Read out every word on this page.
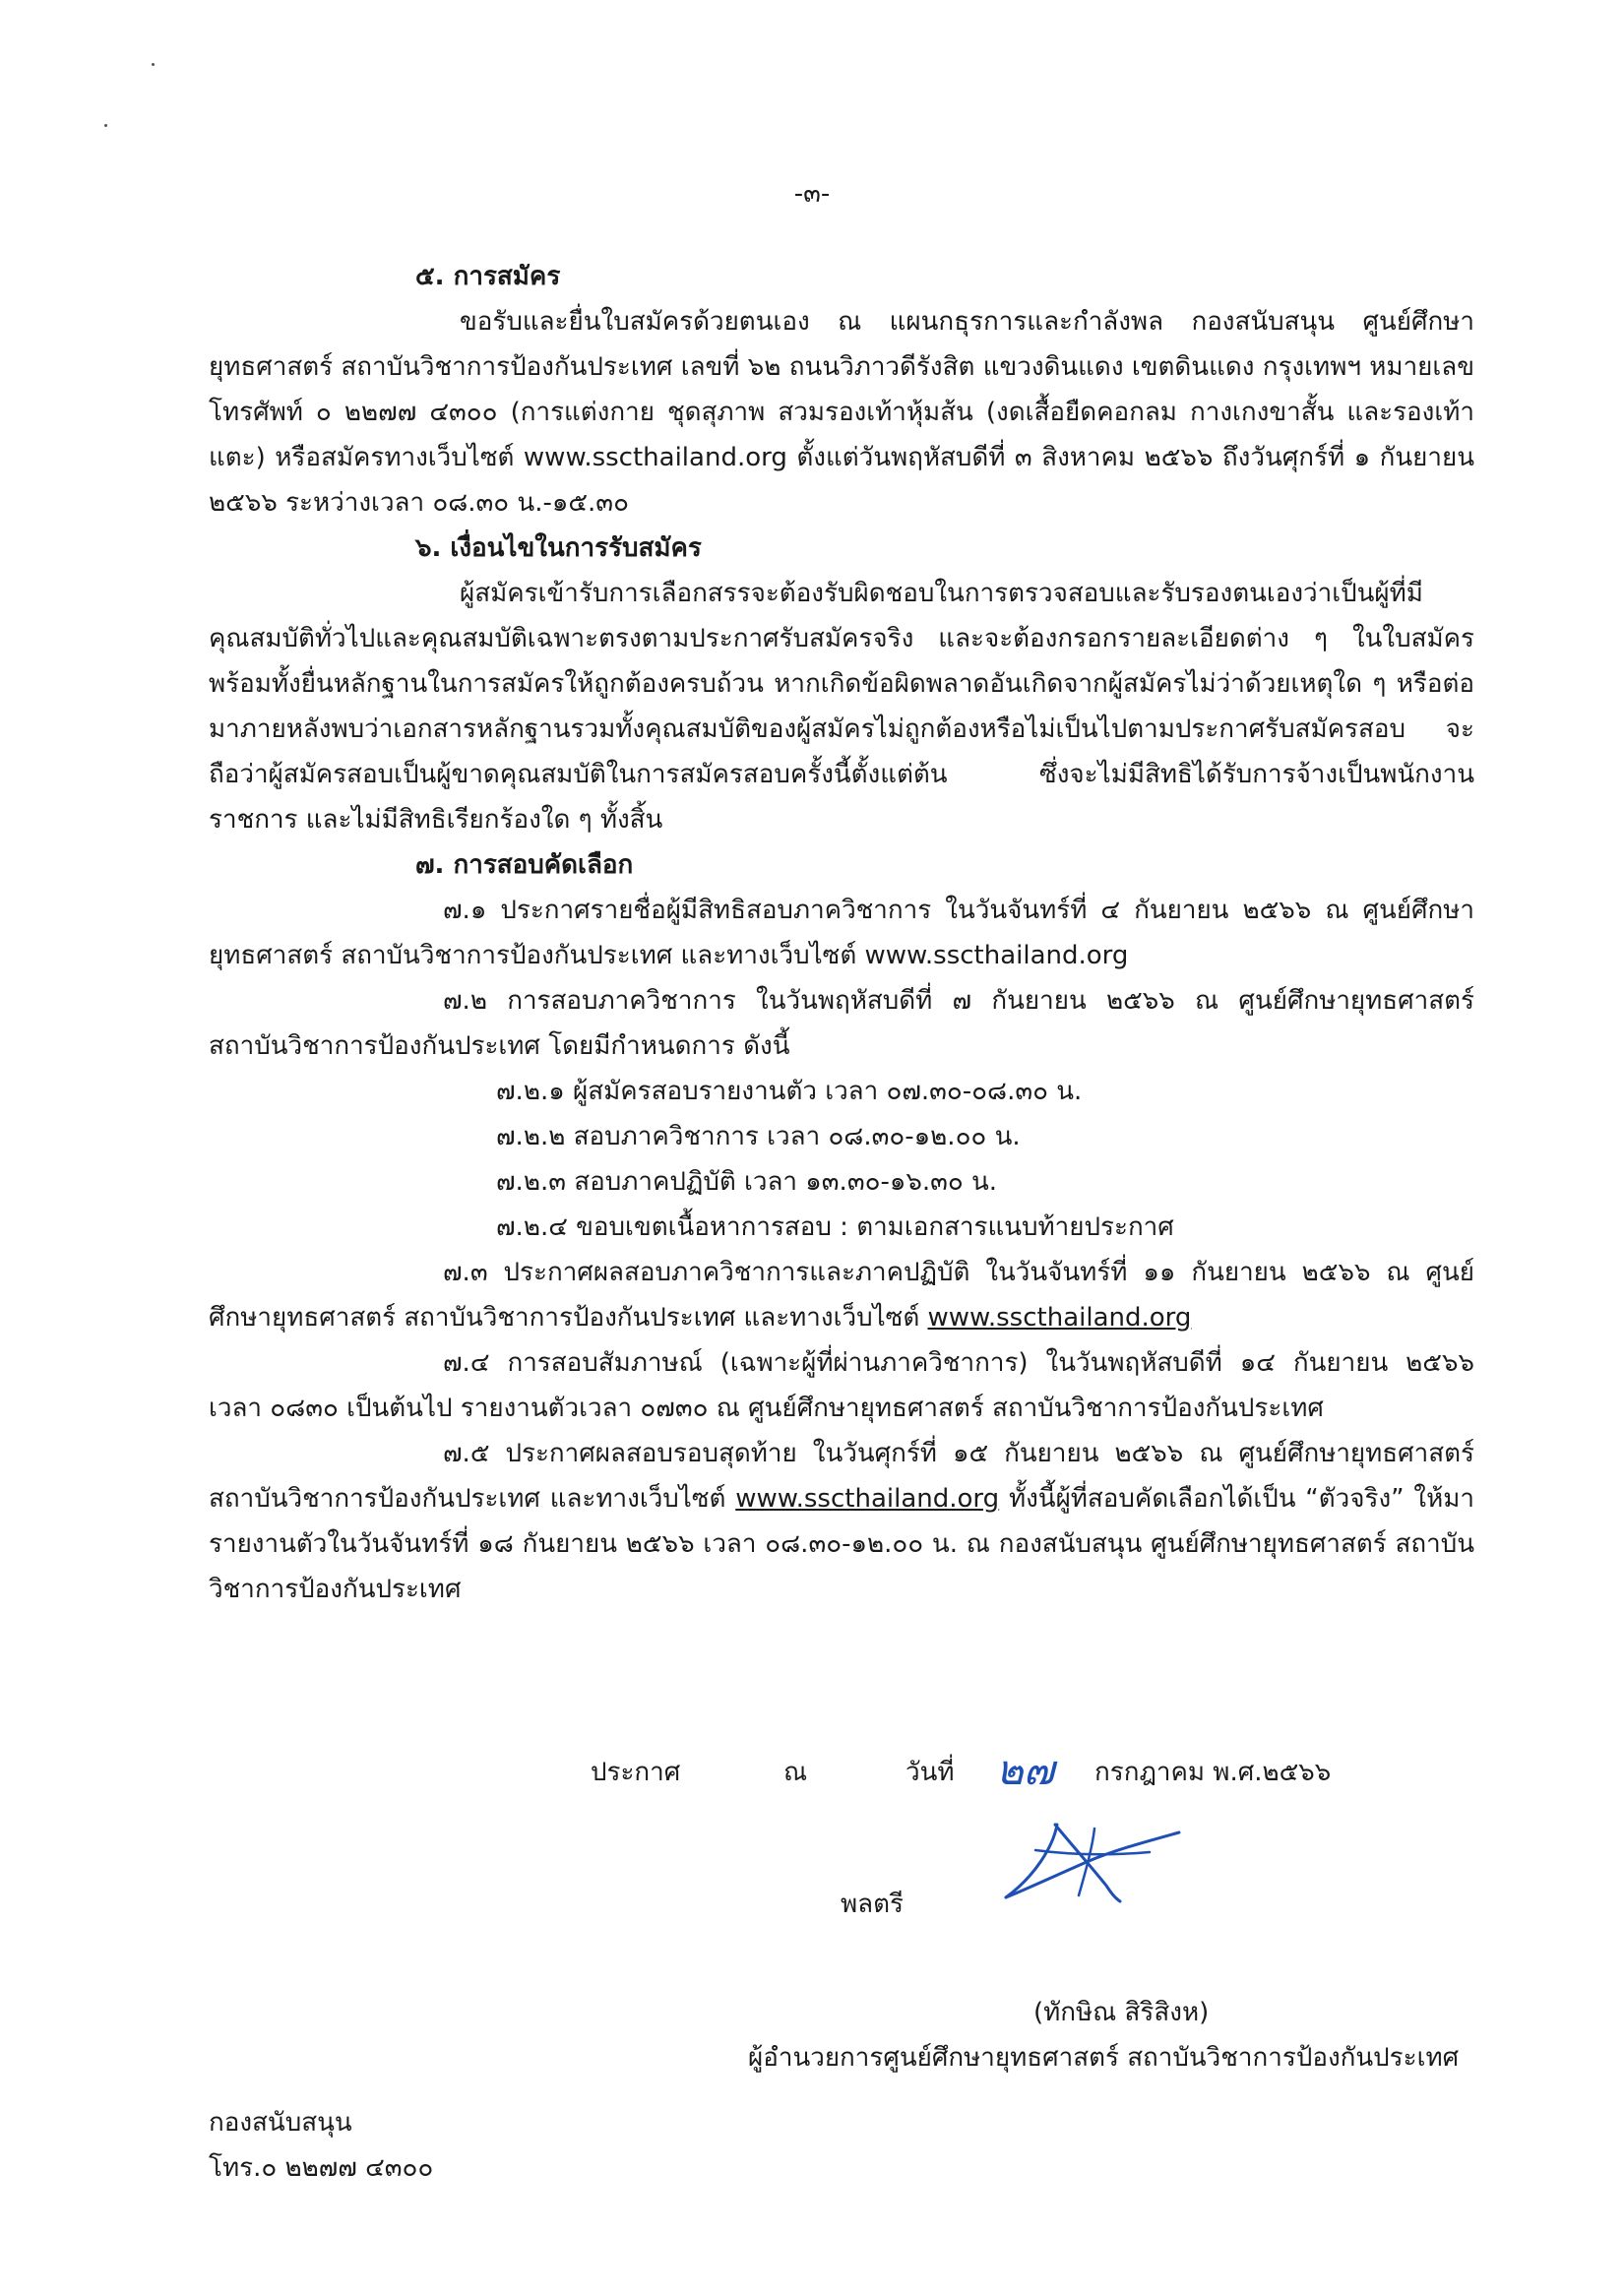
-๓-

๕. การสมัคร

ขอรับและยื่นใบสมัครด้วยตนเอง ณ แผนกธุรการและกำลังพล กองสนับสนุน ศูนย์ศึกษายุทธศาสตร์ สถาบันวิชาการป้องกันประเทศ เลขที่ ๖๒ ถนนวิภาวดีรังสิต แขวงดินแดง เขตดินแดง กรุงเทพฯ หมายเลขโทรศัพท์ ๐ ๒๒๗๗ ๔๓๐๐ (การแต่งกาย ชุดสุภาพ สวมรองเท้าหุ้มส้น (งดเสื้อยืดคอกลม กางเกงขาสั้น และรองเท้าแตะ) หรือสมัครทางเว็บไซต์ www.sscthailand.org ตั้งแต่วันพฤหัสบดีที่ ๓ สิงหาคม ๒๕๖๖ ถึงวันศุกร์ที่ ๑ กันยายน ๒๕๖๖ ระหว่างเวลา ๐๘.๓๐ น.-๑๕.๓๐

๖. เงื่อนไขในการรับสมัคร

ผู้สมัครเข้ารับการเลือกสรรจะต้องรับผิดชอบในการตรวจสอบและรับรองตนเองว่าเป็นผู้ที่มีคุณสมบัติทั่วไปและคุณสมบัติเฉพาะตรงตามประกาศรับสมัครจริง และจะต้องกรอกรายละเอียดต่าง ๆ ในใบสมัครพร้อมทั้งยื่นหลักฐานในการสมัครให้ถูกต้องครบถ้วน หากเกิดข้อผิดพลาดอันเกิดจากผู้สมัครไม่ว่าด้วยเหตุใด ๆ หรือต่อมาภายหลังพบว่าเอกสารหลักฐานรวมทั้งคุณสมบัติของผู้สมัครไม่ถูกต้องหรือไม่เป็นไปตามประกาศรับสมัครสอบ จะถือว่าผู้สมัครสอบเป็นผู้ขาดคุณสมบัติในการสมัครสอบครั้งนี้ตั้งแต่ต้น ซึ่งจะไม่มีสิทธิได้รับการจ้างเป็นพนักงานราชการ และไม่มีสิทธิเรียกร้องใด ๆ ทั้งสิ้น

๗. การสอบคัดเลือก

๗.๑ ประกาศรายชื่อผู้มีสิทธิสอบภาควิชาการ ในวันจันทร์ที่ ๔ กันยายน ๒๕๖๖ ณ ศูนย์ศึกษายุทธศาสตร์ สถาบันวิชาการป้องกันประเทศ และทางเว็บไซต์ www.sscthailand.org

๗.๒ การสอบภาควิชาการ ในวันพฤหัสบดีที่ ๗ กันยายน ๒๕๖๖ ณ ศูนย์ศึกษายุทธศาสตร์ สถาบันวิชาการป้องกันประเทศ โดยมีกำหนดการ ดังนี้

๗.๒.๑ ผู้สมัครสอบรายงานตัว เวลา ๐๗.๓๐-๐๘.๓๐ น.

๗.๒.๒ สอบภาควิชาการ เวลา ๐๘.๓๐-๑๒.๐๐ น.

๗.๒.๓ สอบภาคปฏิบัติ เวลา ๑๓.๓๐-๑๖.๓๐ น.

๗.๒.๔ ขอบเขตเนื้อหาการสอบ : ตามเอกสารแนบท้ายประกาศ

๗.๓ ประกาศผลสอบภาควิชาการและภาคปฏิบัติ ในวันจันทร์ที่ ๑๑ กันยายน ๒๕๖๖ ณ ศูนย์ศึกษายุทธศาสตร์ สถาบันวิชาการป้องกันประเทศ และทางเว็บไซต์ www.sscthailand.org

๗.๔ การสอบสัมภาษณ์ (เฉพาะผู้ที่ผ่านภาควิชาการ) ในวันพฤหัสบดีที่ ๑๔ กันยายน ๒๕๖๖ เวลา ๐๘๓๐ เป็นต้นไป รายงานตัวเวลา ๐๗๓๐ ณ ศูนย์ศึกษายุทธศาสตร์ สถาบันวิชาการป้องกันประเทศ

๗.๕ ประกาศผลสอบรอบสุดท้าย ในวันศุกร์ที่ ๑๕ กันยายน ๒๕๖๖ ณ ศูนย์ศึกษายุทธศาสตร์ สถาบันวิชาการป้องกันประเทศ และทางเว็บไซต์ www.sscthailand.org ทั้งนี้ผู้ที่สอบคัดเลือกได้เป็น “ตัวจริง” ให้มารายงานตัวในวันจันทร์ที่ ๑๘ กันยายน ๒๕๖๖ เวลา ๐๘.๓๐-๑๒.๐๐ น. ณ กองสนับสนุน ศูนย์ศึกษายุทธศาสตร์ สถาบันวิชาการป้องกันประเทศ

ประกาศ	ณ	วันที่	กรกฎาคม พ.ศ.๒๕๖๖
๒๗
พลตรี
(ทักษิณ สิริสิงห)
ผู้อำนวยการศูนย์ศึกษายุทธศาสตร์ สถาบันวิชาการป้องกันประเทศ
กองสนับสนุน
โทร.๐ ๒๒๗๗ ๔๓๐๐
